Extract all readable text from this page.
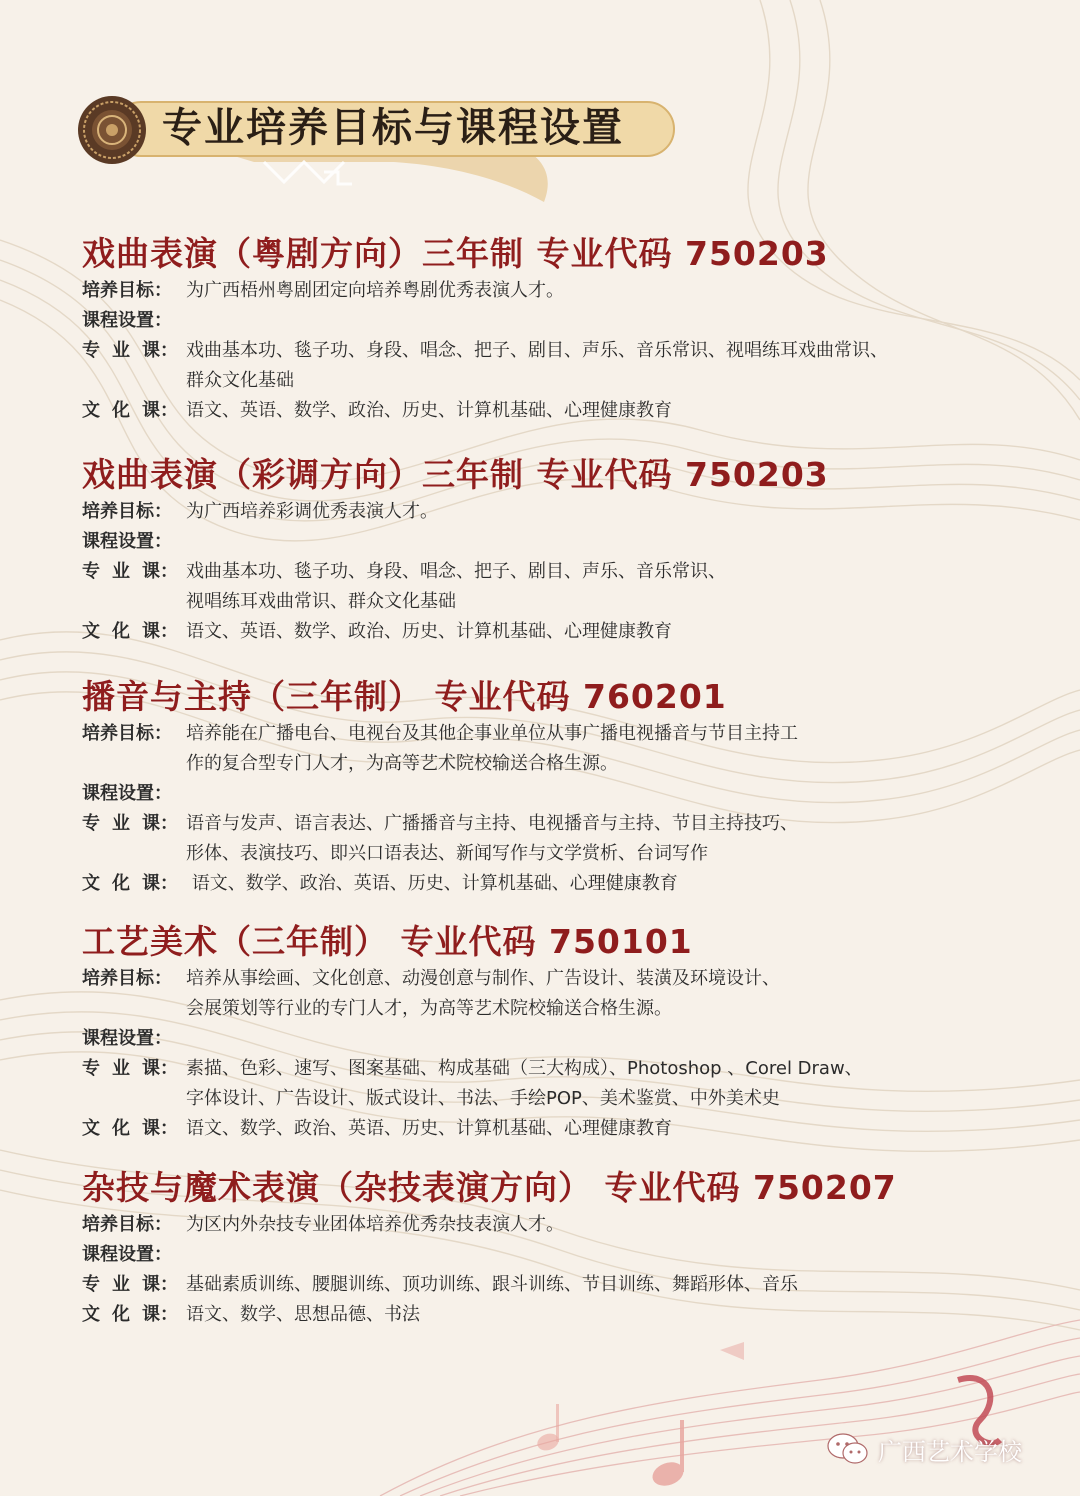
专业培养目标与课程设置
戏曲表演（粤剧方向）三年制 专业代码 750203
培养目标： 为广西梧州粤剧团定向培养粤剧优秀表演人才。
课程设置：
专 业 课： 戏曲基本功、毯子功、身段、唱念、把子、剧目、声乐、音乐常识、视唱练耳戏曲常识、
群众文化基础
文 化 课： 语文、英语、数学、政治、历史、计算机基础、心理健康教育
戏曲表演（彩调方向）三年制 专业代码 750203
培养目标： 为广西培养彩调优秀表演人才。
课程设置：
专 业 课： 戏曲基本功、毯子功、身段、唱念、把子、剧目、声乐、音乐常识、
视唱练耳戏曲常识、群众文化基础
文 化 课： 语文、英语、数学、政治、历史、计算机基础、心理健康教育
播音与主持（三年制） 专业代码 760201
培养目标： 培养能在广播电台、电视台及其他企事业单位从事广播电视播音与节目主持工
作的复合型专门人才，为高等艺术院校输送合格生源。
课程设置：
专 业 课： 语音与发声、语言表达、广播播音与主持、电视播音与主持、节目主持技巧、
形体、表演技巧、即兴口语表达、新闻写作与文学赏析、台词写作
文 化 课： 语文、数学、政治、英语、历史、计算机基础、心理健康教育
工艺美术（三年制） 专业代码 750101
培养目标： 培养从事绘画、文化创意、动漫创意与制作、广告设计、装潢及环境设计、
会展策划等行业的专门人才，为高等艺术院校输送合格生源。
课程设置：
专 业 课： 素描、色彩、速写、图案基础、构成基础（三大构成）、Photoshop 、Corel Draw、
字体设计、广告设计、版式设计、书法、手绘POP、美术鉴赏、中外美术史
文 化 课： 语文、数学、政治、英语、历史、计算机基础、心理健康教育
杂技与魔术表演（杂技表演方向） 专业代码 750207
培养目标： 为区内外杂技专业团体培养优秀杂技表演人才。
课程设置：
专 业 课： 基础素质训练、腰腿训练、顶功训练、跟斗训练、节目训练、舞蹈形体、音乐
文 化 课： 语文、数学、思想品德、书法
广西艺术学校
